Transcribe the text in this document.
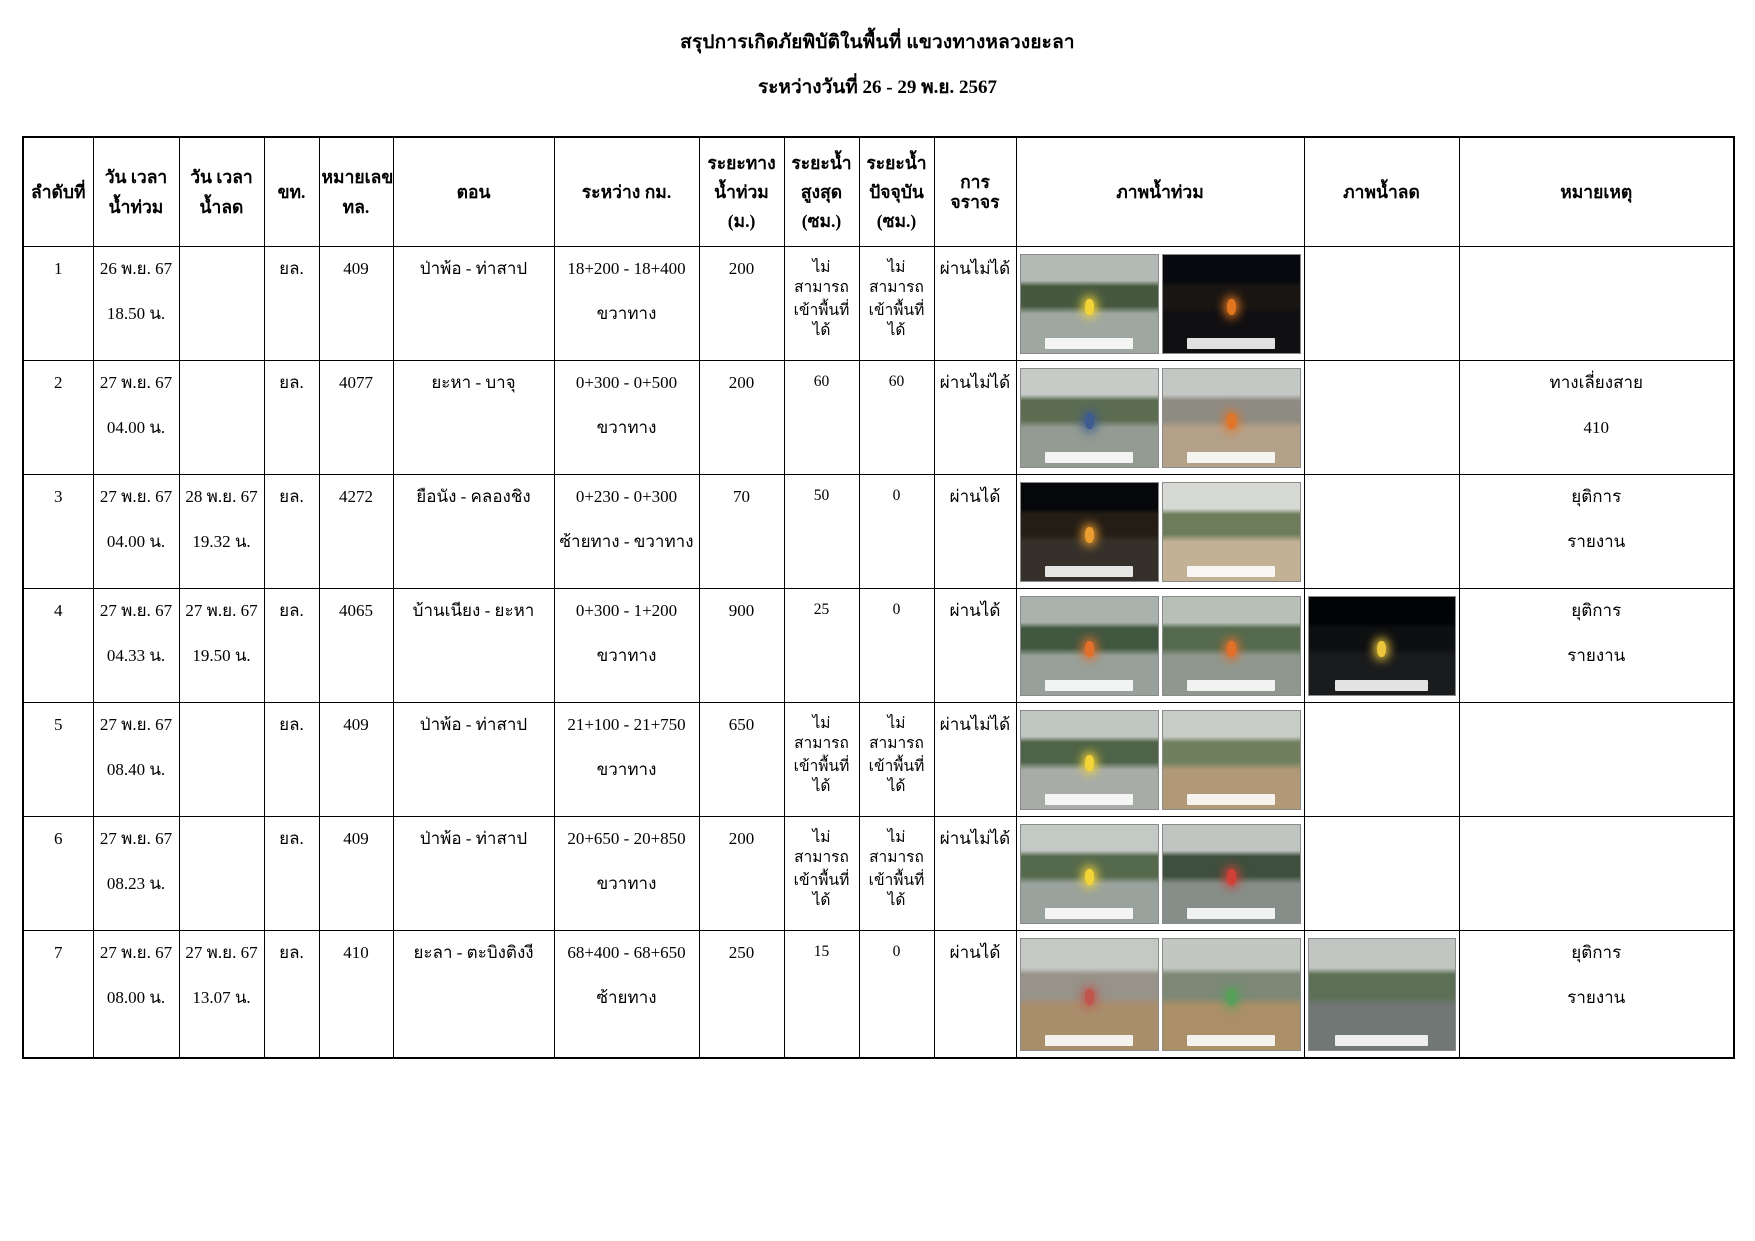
สรุปการเกิดภัยพิบัติในพื้นที่ แขวงทางหลวงยะลา
ระหว่างวันที่ 26 - 29 พ.ย. 2567
ลำดับที่	วัน เวลา
น้ำท่วม	วัน เวลา
น้ำลด	ขท.	หมายเลข
ทล.	ตอน	ระหว่าง กม.	ระยะทาง
น้ำท่วม
(ม.)	ระยะน้ำ
สูงสุด
(ซม.)	ระยะน้ำ
ปัจจุบัน
(ซม.)	การจราจร	ภาพน้ำท่วม	ภาพน้ำลด	หมายเหตุ

1	26 พ.ย. 67
18.50 น.		ยล.	409	ป่าพ้อ - ท่าสาป	18+200 - 18+400
ขวาทาง	200	ไม่สามารถ
เข้าพื้นที่ได้	ไม่สามารถ
เข้าพื้นที่ได้	ผ่านไม่ได้			

2	27 พ.ย. 67
04.00 น.		ยล.	4077	ยะหา - บาจุ	0+300 - 0+500
ขวาทาง	200	60	60	ผ่านไม่ได้			ทางเลี่ยงสาย
410

3	27 พ.ย. 67
04.00 น.	28 พ.ย. 67
19.32 น.	ยล.	4272	ยือนัง - คลองชิง	0+230 - 0+300
ซ้ายทาง - ขวาทาง	70	50	0	ผ่านได้			ยุติการ
รายงาน

4	27 พ.ย. 67
04.33 น.	27 พ.ย. 67
19.50 น.	ยล.	4065	บ้านเนียง - ยะหา	0+300 - 1+200
ขวาทาง	900	25	0	ผ่านได้			ยุติการ
รายงาน

5	27 พ.ย. 67
08.40 น.		ยล.	409	ป่าพ้อ - ท่าสาป	21+100 - 21+750
ขวาทาง	650	ไม่สามารถ
เข้าพื้นที่ได้	ไม่สามารถ
เข้าพื้นที่ได้	ผ่านไม่ได้			

6	27 พ.ย. 67
08.23 น.		ยล.	409	ป่าพ้อ - ท่าสาป	20+650 - 20+850
ขวาทาง	200	ไม่สามารถ
เข้าพื้นที่ได้	ไม่สามารถ
เข้าพื้นที่ได้	ผ่านไม่ได้			

7	27 พ.ย. 67
08.00 น.	27 พ.ย. 67
13.07 น.	ยล.	410	ยะลา - ตะบิงติงงี	68+400 - 68+650
ซ้ายทาง	250	15	0	ผ่านได้			ยุติการ
รายงาน
